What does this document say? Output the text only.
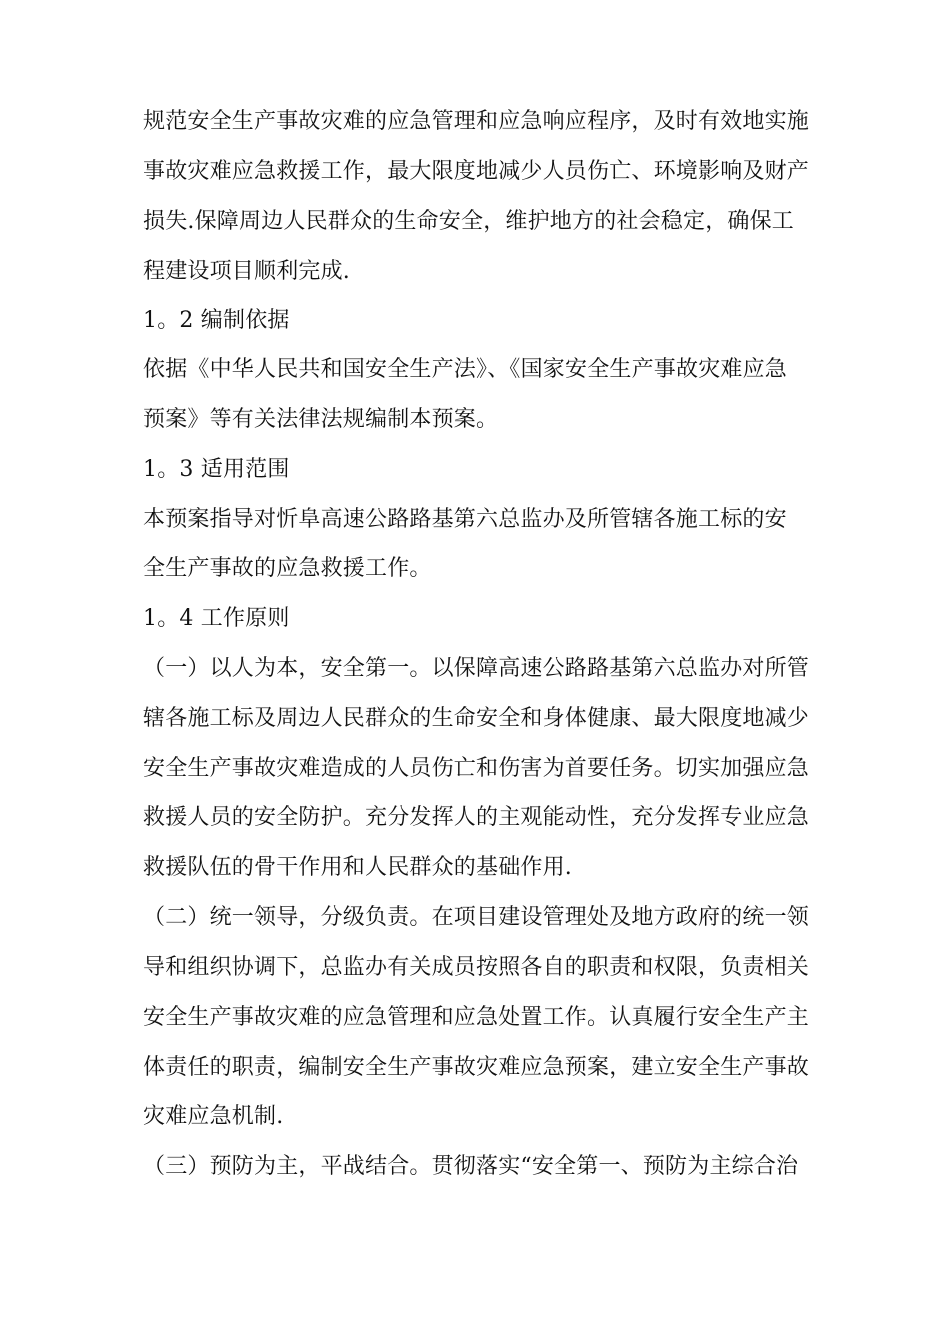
规范安全生产事故灾难的应急管理和应急响应程序，及时有效地实施
事故灾难应急救援工作，最大限度地减少人员伤亡、环境影响及财产
损失.保障周边人民群众的生命安全，维护地方的社会稳定，确保工
程建设项目顺利完成.
1。2 编制依据
依据《中华人民共和国安全生产法》、《国家安全生产事故灾难应急
预案》等有关法律法规编制本预案。
1。3 适用范围
本预案指导对忻阜高速公路路基第六总监办及所管辖各施工标的安
全生产事故的应急救援工作。
1。4 工作原则
（一）以人为本，安全第一。以保障高速公路路基第六总监办对所管
辖各施工标及周边人民群众的生命安全和身体健康、最大限度地减少
安全生产事故灾难造成的人员伤亡和伤害为首要任务。切实加强应急
救援人员的安全防护。充分发挥人的主观能动性，充分发挥专业应急
救援队伍的骨干作用和人民群众的基础作用.
（二）统一领导，分级负责。在项目建设管理处及地方政府的统一领
导和组织协调下，总监办有关成员按照各自的职责和权限，负责相关
安全生产事故灾难的应急管理和应急处置工作。认真履行安全生产主
体责任的职责，编制安全生产事故灾难应急预案，建立安全生产事故
灾难应急机制.
（三）预防为主，平战结合。贯彻落实“安全第一、预防为主综合治
